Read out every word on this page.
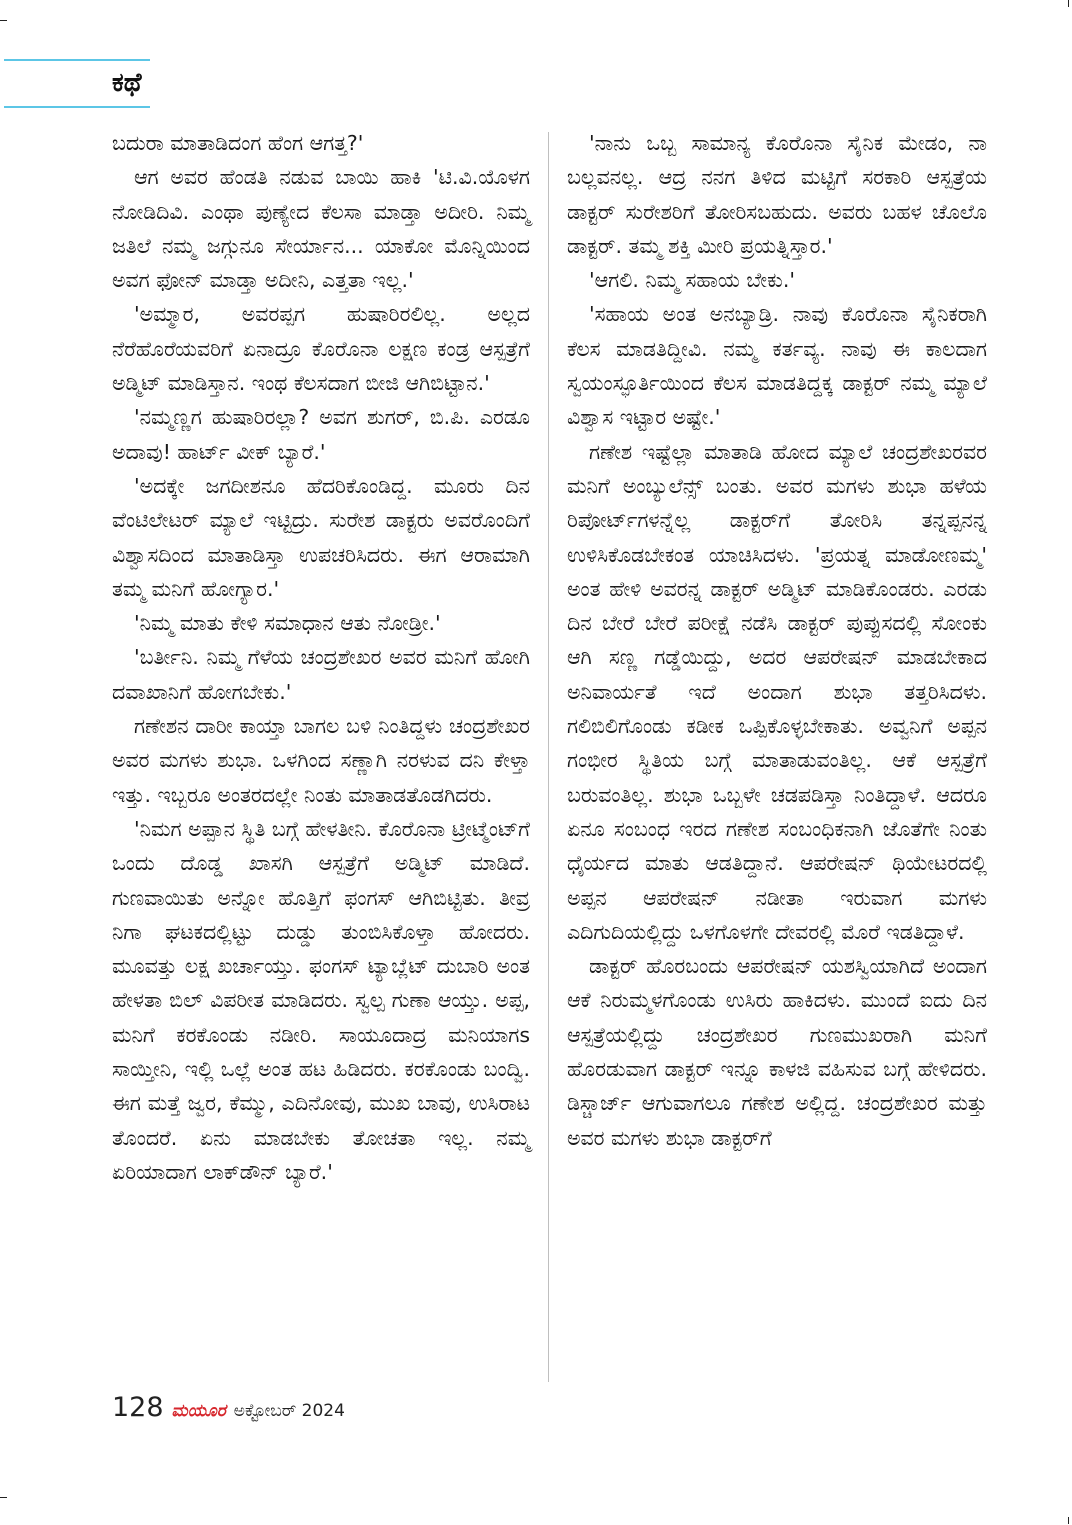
ಕಥೆ

ಬದುರಾ ಮಾತಾಡಿದಂಗ ಹೆಂಗ ಆಗತ್ತ?'

ಆಗ ಅವರ ಹೆಂಡತಿ ನಡುವ ಬಾಯಿ ಹಾಕಿ 'ಟಿ.ವಿ.ಯೊಳಗ ನೋಡಿದಿವಿ. ಎಂಥಾ ಪುಣ್ಯೇದ ಕೆಲಸಾ ಮಾಡ್ತಾ ಅದೀರಿ. ನಿಮ್ಮ ಜತಿಲೆ ನಮ್ಮ ಜಗ್ಗುನೂ ಸೇರ್ಯಾನ... ಯಾಕೋ ಮೊನ್ನಿಯಿಂದ ಅವಗ ಫೋನ್ ಮಾಡ್ತಾ ಅದೀನಿ, ಎತ್ತತಾ ಇಲ್ಲ.'

'ಅಮ್ಮಾರ, ಅವರಪ್ಪಗ ಹುಷಾರಿರಲಿಲ್ಲ. ಅಲ್ಲದ ನೆರೆಹೊರೆಯವರಿಗೆ ಏನಾದ್ರೂ ಕೊರೊನಾ ಲಕ್ಷಣ ಕಂಡ್ರ ಆಸ್ಪತ್ರೆಗೆ ಅಡ್ಮಿಟ್ ಮಾಡಿಸ್ತಾನ. ಇಂಥ ಕೆಲಸದಾಗ ಬೀಜಿ ಆಗಿಬಿಟ್ಟಾನ.'

'ನಮ್ಮಣ್ಣಗ ಹುಷಾರಿರಲ್ಲಾ? ಅವಗ ಶುಗರ್, ಬಿ.ಪಿ. ಎರಡೂ ಅದಾವು! ಹಾರ್ಟ್ ವೀಕ್ ಬ್ಯಾರೆ.'

'ಅದಕ್ಕೇ ಜಗದೀಶನೂ ಹೆದರಿಕೊಂಡಿದ್ದ. ಮೂರು ದಿನ ವೆಂಟಿಲೇಟರ್ ಮ್ಯಾಲೆ ಇಟ್ಟಿದ್ರು. ಸುರೇಶ ಡಾಕ್ಟರು ಅವರೊಂದಿಗೆ ವಿಶ್ವಾಸದಿಂದ ಮಾತಾಡಿಸ್ತಾ ಉಪಚರಿಸಿದರು. ಈಗ ಆರಾಮಾಗಿ ತಮ್ಮ ಮನಿಗೆ ಹೋಗ್ಯಾರ.'

'ನಿಮ್ಮ ಮಾತು ಕೇಳಿ ಸಮಾಧಾನ ಆತು ನೋಡ್ರೀ.'

'ಬರ್ತೀನಿ. ನಿಮ್ಮ ಗೆಳೆಯ ಚಂದ್ರಶೇಖರ ಅವರ ಮನಿಗೆ ಹೋಗಿ ದವಾಖಾನಿಗೆ ಹೋಗಬೇಕು.'

ಗಣೇಶನ ದಾರೀ ಕಾಯ್ತಾ ಬಾಗಲ ಬಳಿ ನಿಂತಿದ್ದಳು ಚಂದ್ರಶೇಖರ ಅವರ ಮಗಳು ಶುಭಾ. ಒಳಗಿಂದ ಸಣ್ಣಾಗಿ ನರಳುವ ದನಿ ಕೇಳ್ತಾ ಇತ್ತು. ಇಬ್ಬರೂ ಅಂತರದಲ್ಲೇ ನಿಂತು ಮಾತಾಡತೊಡಗಿದರು.

'ನಿಮಗ ಅಪ್ಪಾನ ಸ್ಥಿತಿ ಬಗ್ಗೆ ಹೇಳತೀನಿ. ಕೊರೊನಾ ಟ್ರೀಟ್ಮೆಂಟ್‌ಗೆ ಒಂದು ದೊಡ್ಡ ಖಾಸಗಿ ಆಸ್ಪತ್ರೆಗೆ ಅಡ್ಮಿಟ್ ಮಾಡಿದೆ. ಗುಣವಾಯಿತು ಅನ್ನೋ ಹೊತ್ತಿಗೆ ಫಂಗಸ್ ಆಗಿಬಿಟ್ಟಿತು. ತೀವ್ರ ನಿಗಾ ಘಟಕದಲ್ಲಿಟ್ಟು ದುಡ್ಡು ತುಂಬಿಸಿಕೊಳ್ತಾ ಹೋದರು. ಮೂವತ್ತು ಲಕ್ಷ ಖರ್ಚಾಯ್ತು. ಫಂಗಸ್ ಟ್ಯಾಬ್ಲೆಟ್ ದುಬಾರಿ ಅಂತ ಹೇಳತಾ ಬಿಲ್ ವಿಪರೀತ ಮಾಡಿದರು. ಸ್ವಲ್ಪ ಗುಣಾ ಆಯ್ತು. ಅಪ್ಪ, ಮನಿಗೆ ಕರಕೊಂಡು ನಡೀರಿ. ಸಾಯೂದಾದ್ರ ಮನಿಯಾಗs ಸಾಯ್ತೀನಿ, ಇಲ್ಲಿ ಒಲ್ಲೆ ಅಂತ ಹಟ ಹಿಡಿದರು. ಕರಕೊಂಡು ಬಂದ್ವಿ. ಈಗ ಮತ್ತೆ ಜ್ವರ, ಕೆಮ್ಮು, ಎದಿನೋವು, ಮುಖ ಬಾವು, ಉಸಿರಾಟ ತೊಂದರೆ. ಏನು ಮಾಡಬೇಕು ತೋಚತಾ ಇಲ್ಲ. ನಮ್ಮ ಏರಿಯಾದಾಗ ಲಾಕ್‌ಡೌನ್ ಬ್ಯಾರೆ.'

'ನಾನು ಒಬ್ಬ ಸಾಮಾನ್ಯ ಕೊರೊನಾ ಸೈನಿಕ ಮೇಡಂ, ನಾ ಬಲ್ಲವನಲ್ಲ. ಆದ್ರ ನನಗ ತಿಳಿದ ಮಟ್ಟಿಗೆ ಸರಕಾರಿ ಆಸ್ಪತ್ರೆಯ ಡಾಕ್ಟರ್ ಸುರೇಶರಿಗೆ ತೋರಿಸಬಹುದು. ಅವರು ಬಹಳ ಚೊಲೊ ಡಾಕ್ಟರ್. ತಮ್ಮ ಶಕ್ತಿ ಮೀರಿ ಪ್ರಯತ್ನಿಸ್ತಾರ.'

'ಆಗಲಿ. ನಿಮ್ಮ ಸಹಾಯ ಬೇಕು.'

'ಸಹಾಯ ಅಂತ ಅನಬ್ಯಾಡ್ರಿ. ನಾವು ಕೊರೊನಾ ಸೈನಿಕರಾಗಿ ಕೆಲಸ ಮಾಡತಿದ್ದೀವಿ. ನಮ್ಮ ಕರ್ತವ್ಯ. ನಾವು ಈ ಕಾಲದಾಗ ಸ್ವಯಂಸ್ಫೂರ್ತಿಯಿಂದ ಕೆಲಸ ಮಾಡತಿದ್ದಕ್ಕ ಡಾಕ್ಟರ್ ನಮ್ಮ ಮ್ಯಾಲೆ ವಿಶ್ವಾಸ ಇಟ್ಟಾರ ಅಷ್ಟೇ.'

ಗಣೇಶ ಇಷ್ಟೆಲ್ಲಾ ಮಾತಾಡಿ ಹೋದ ಮ್ಯಾಲೆ ಚಂದ್ರಶೇಖರವರ ಮನಿಗೆ ಅಂಬ್ಯುಲೆನ್ಸ್ ಬಂತು. ಅವರ ಮಗಳು ಶುಭಾ ಹಳೆಯ ರಿಪೋರ್ಟ್‌ಗಳನ್ನೆಲ್ಲ ಡಾಕ್ಟರ್‌ಗೆ ತೋರಿಸಿ ತನ್ನಪ್ಪನನ್ನ ಉಳಿಸಿಕೊಡಬೇಕಂತ ಯಾಚಿಸಿದಳು. 'ಪ್ರಯತ್ನ ಮಾಡೋಣಮ್ಮ' ಅಂತ ಹೇಳಿ ಅವರನ್ನ ಡಾಕ್ಟರ್ ಅಡ್ಮಿಟ್ ಮಾಡಿಕೊಂಡರು. ಎರಡು ದಿನ ಬೇರೆ ಬೇರೆ ಪರೀಕ್ಷೆ ನಡೆಸಿ ಡಾಕ್ಟರ್ ಪುಪ್ಪುಸದಲ್ಲಿ ಸೋಂಕು ಆಗಿ ಸಣ್ಣ ಗಡ್ಡೆಯಿದ್ದು, ಅದರ ಆಪರೇಷನ್ ಮಾಡಬೇಕಾದ ಅನಿವಾರ್ಯತೆ ಇದೆ ಅಂದಾಗ ಶುಭಾ ತತ್ತರಿಸಿದಳು. ಗಲಿಬಿಲಿಗೊಂಡು ಕಡೀಕ ಒಪ್ಪಿಕೊಳ್ಳಬೇಕಾತು. ಅವ್ವನಿಗೆ ಅಪ್ಪನ ಗಂಭೀರ ಸ್ಥಿತಿಯ ಬಗ್ಗೆ ಮಾತಾಡುವಂತಿಲ್ಲ. ಆಕೆ ಆಸ್ಪತ್ರೆಗೆ ಬರುವಂತಿಲ್ಲ. ಶುಭಾ ಒಬ್ಬಳೇ ಚಡಪಡಿಸ್ತಾ ನಿಂತಿದ್ದಾಳೆ. ಆದರೂ ಏನೂ ಸಂಬಂಧ ಇರದ ಗಣೇಶ ಸಂಬಂಧಿಕನಾಗಿ ಜೊತೆಗೇ ನಿಂತು ಧೈರ್ಯದ ಮಾತು ಆಡತಿದ್ದಾನೆ. ಆಪರೇಷನ್ ಥಿಯೇಟರದಲ್ಲಿ ಅಪ್ಪನ ಆಪರೇಷನ್ ನಡೀತಾ ಇರುವಾಗ ಮಗಳು ಎದಿಗುದಿಯಲ್ಲಿದ್ದು ಒಳಗೊಳಗೇ ದೇವರಲ್ಲಿ ಮೊರೆ ಇಡತಿದ್ದಾಳೆ.

ಡಾಕ್ಟರ್ ಹೊರಬಂದು ಆಪರೇಷನ್ ಯಶಸ್ವಿಯಾಗಿದೆ ಅಂದಾಗ ಆಕೆ ನಿರುಮ್ಮಳಗೊಂಡು ಉಸಿರು ಹಾಕಿದಳು. ಮುಂದೆ ಐದು ದಿನ ಆಸ್ಪತ್ರೆಯಲ್ಲಿದ್ದು ಚಂದ್ರಶೇಖರ ಗುಣಮುಖರಾಗಿ ಮನಿಗೆ ಹೊರಡುವಾಗ ಡಾಕ್ಟರ್ ಇನ್ನೂ ಕಾಳಜಿ ವಹಿಸುವ ಬಗ್ಗೆ ಹೇಳಿದರು. ಡಿಸ್ಚಾರ್ಜ್ ಆಗುವಾಗಲೂ ಗಣೇಶ ಅಲ್ಲಿದ್ದ. ಚಂದ್ರಶೇಖರ ಮತ್ತು ಅವರ ಮಗಳು ಶುಭಾ ಡಾಕ್ಟರ್‌ಗೆ

128 ಮಯೂರ ಅಕ್ಟೋಬರ್ 2024
